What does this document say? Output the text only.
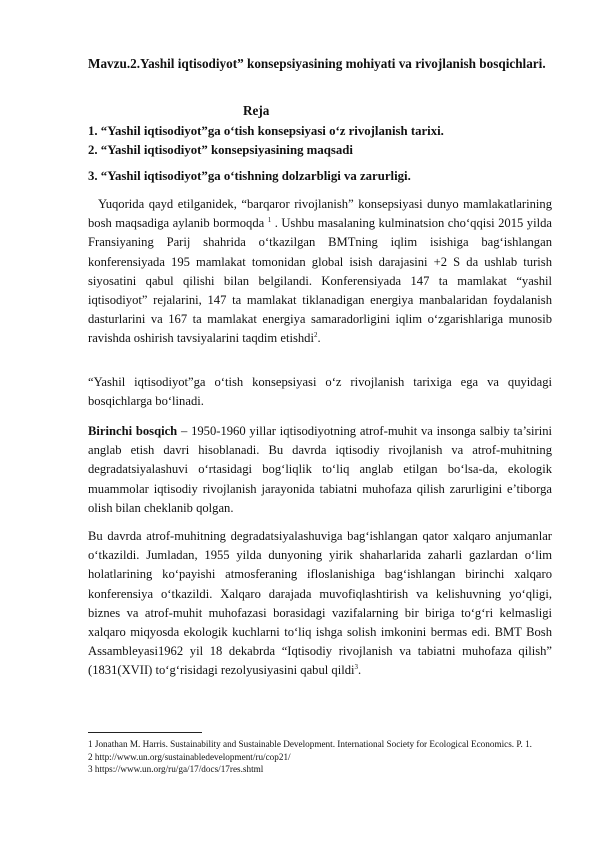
Mavzu.2.Yashil iqtisodiyot” konsepsiyasining mohiyati va rivojlanish bosqichlari.
Reja
1. “Yashil iqtisodiyot”ga o‘tish konsepsiyasi o‘z rivojlanish tarixi.
2. “Yashil iqtisodiyot” konsepsiyasining maqsadi
3. “Yashil iqtisodiyot”ga o‘tishning dolzarbligi va zarurligi.

Yuqorida qayd etilganidek, “barqaror rivojlanish” konsepsiyasi dunyo mamlakatlarining bosh maqsadiga aylanib bormoqda $^1$ . Ushbu masalaning kulminatsion cho‘qqisi 2015 yilda Fransiyaning Parij shahrida o‘tkazilgan BMTning iqlim isishiga bag‘ishlangan konferensiyada 195 mamlakat tomonidan global isish darajasini +2 S da ushlab turish siyosatini qabul qilishi bilan belgilandi. Konferensiyada 147 ta mamlakat “yashil iqtisodiyot” rejalarini, 147 ta mamlakat tiklanadigan energiya manbalaridan foydalanish dasturlarini va 167 ta mamlakat energiya samaradorligini iqlim o‘zgarishlariga munosib ravishda oshirish tavsiyalarini taqdim etishdi$^2$.

“Yashil iqtisodiyot”ga o‘tish konsepsiyasi o‘z rivojlanish tarixiga ega va quyidagi bosqichlarga bo‘linadi.

Birinchi bosqich – 1950-1960 yillar iqtisodiyotning atrof-muhit va insonga salbiy ta’sirini anglab etish davri hisoblanadi. Bu davrda iqtisodiy rivojlanish va atrof-muhitning degradatsiyalashuvi o‘rtasidagi bog‘liqlik to‘liq anglab etilgan bo‘lsa-da, ekologik muammolar iqtisodiy rivojlanish jarayonida tabiatni muhofaza qilish zarurligini e’tiborga olish bilan cheklanib qolgan.

Bu davrda atrof-muhitning degradatsiyalashuviga bag‘ishlangan qator xalqaro anjumanlar o‘tkazildi. Jumladan, 1955 yilda dunyoning yirik shaharlarida zaharli gazlardan o‘lim holatlarining ko‘payishi atmosferaning ifloslanishiga bag‘ishlangan birinchi xalqaro konferensiya o‘tkazildi. Xalqaro darajada muvofiqlashtirish va kelishuvning yo‘qligi, biznes va atrof-muhit muhofazasi borasidagi vazifalarning bir biriga to‘g‘ri kelmasligi xalqaro miqyosda ekologik kuchlarni to‘liq ishga solish imkonini bermas edi. BMT Bosh Assambleyasi1962 yil 18 dekabrda “Iqtisodiy rivojlanish va tabiatni muhofaza qilish” (1831(XVII) to‘g‘risidagi rezolyusiyasini qabul qildi$^3$.

1 Jonathan M. Harris. Sustainability and Sustainable Development. International Society for Ecological Economics. P. 1.
2 http://www.un.org/sustainabledevelopment/ru/cop21/
3 https://www.un.org/ru/ga/17/docs/17res.shtml
